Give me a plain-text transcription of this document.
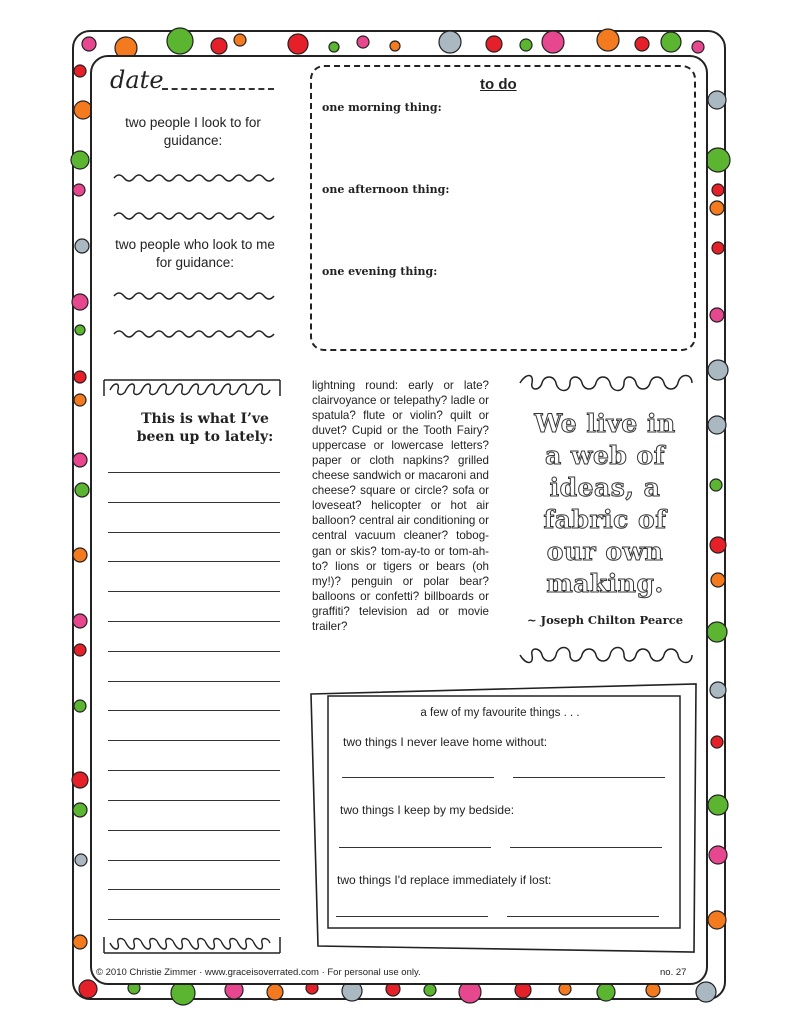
date
two people I look to for guidance:
two people who look to me for guidance:
to do
one morning thing:
one afternoon thing:
one evening thing:
This is what I’ve
been up to lately:
lightning round: early or late? clairvoyance or telepathy? ladle or spatula? flute or violin? quilt or duvet? Cupid or the Tooth Fairy? uppercase or lowercase letters? paper or cloth napkins? grilled cheese sandwich or macaroni and cheese? square or circle? sofa or loveseat? helicopter or hot air balloon? central air conditioning or central vacuum cleaner? tobog-gan or skis? tom-ay-to or tom-ah-to? lions or tigers or bears (oh my!)? penguin or polar bear? balloons or confetti? billboards or graffiti? television ad or movie trailer?
We live in
a web of
ideas, a
fabric of
our own
making.
~ Joseph Chilton Pearce
a few of my favourite things . . .
two things I never leave home without:
two things I keep by my bedside:
two things I'd replace immediately if lost:
© 2010 Christie Zimmer · www.graceisoverrated.com · For personal use only.	no. 27
